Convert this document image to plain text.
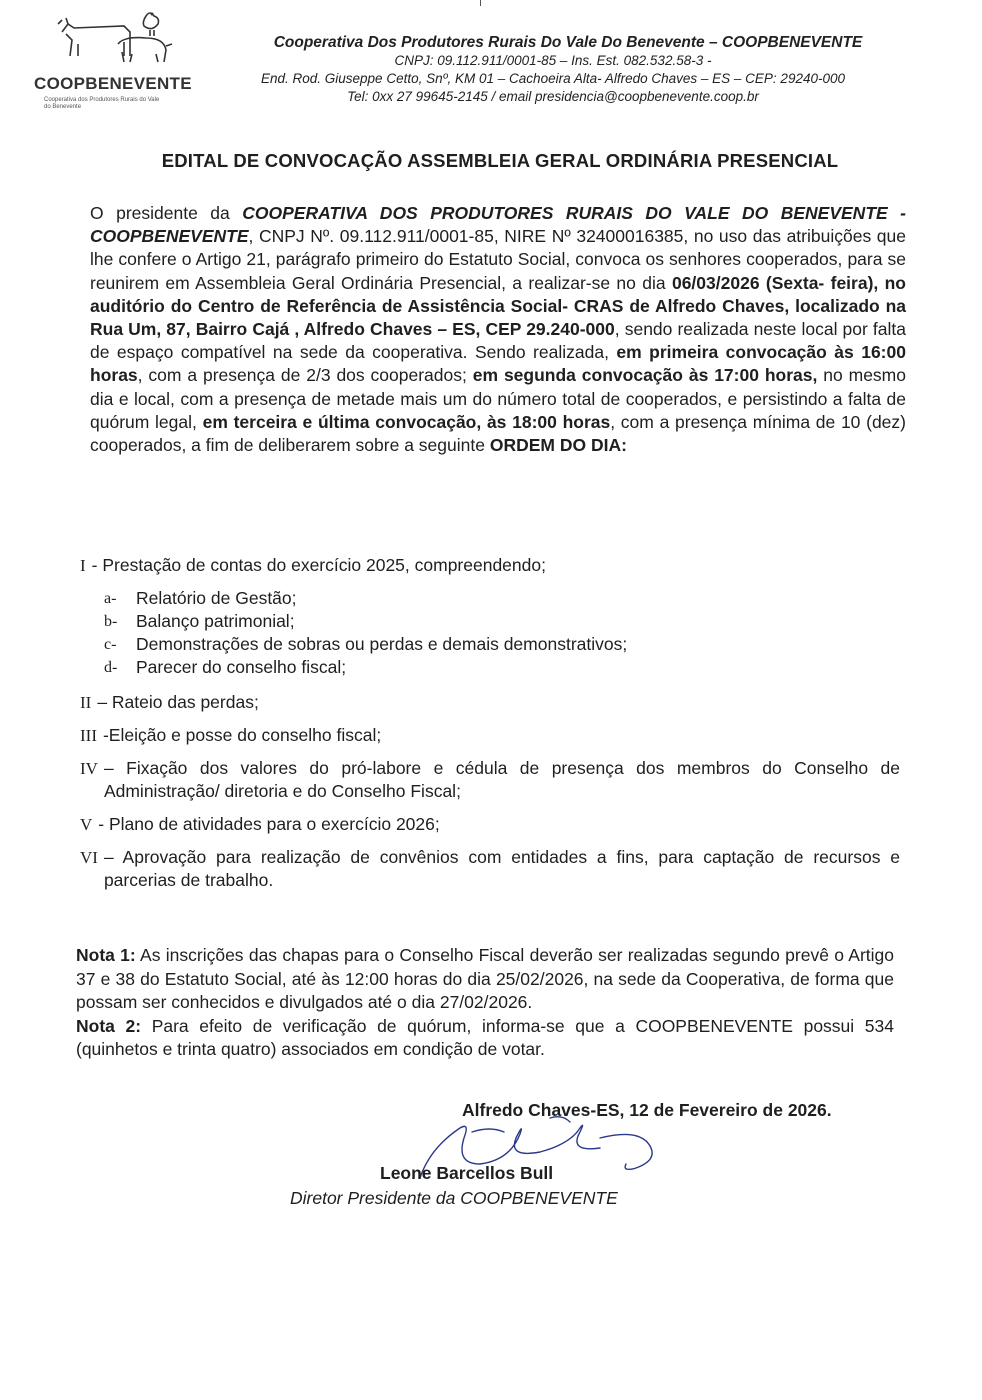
COOPBENEVENTE
Cooperativa dos Produtores Rurais do Vale do Benevente
Cooperativa Dos Produtores Rurais Do Vale Do Benevente – COOPBENEVENTE
CNPJ: 09.112.911/0001-85 – Ins. Est. 082.532.58-3 -
End. Rod. Giuseppe Cetto, Snº, KM 01 – Cachoeira Alta- Alfredo Chaves – ES – CEP: 29240-000
Tel: 0xx 27 99645-2145 / email presidencia@coopbenevente.coop.br
EDITAL DE CONVOCAÇÃO ASSEMBLEIA GERAL ORDINÁRIA PRESENCIAL
O presidente da COOPERATIVA DOS PRODUTORES RURAIS DO VALE DO BENEVENTE - COOPBENEVENTE, CNPJ Nº. 09.112.911/0001-85, NIRE Nº 32400016385, no uso das atribuições que lhe confere o Artigo 21, parágrafo primeiro do Estatuto Social, convoca os senhores cooperados, para se reunirem em Assembleia Geral Ordinária Presencial, a realizar-se no dia 06/03/2026 (Sexta- feira), no auditório do Centro de Referência de Assistência Social- CRAS de Alfredo Chaves, localizado na Rua Um, 87, Bairro Cajá , Alfredo Chaves – ES, CEP 29.240-000, sendo realizada neste local por falta de espaço compatível na sede da cooperativa. Sendo realizada, em primeira convocação às 16:00 horas, com a presença de 2/3 dos cooperados; em segunda convocação às 17:00 horas, no mesmo dia e local, com a presença de metade mais um do número total de cooperados, e persistindo a falta de quórum legal, em terceira e última convocação, às 18:00 horas, com a presença mínima de 10 (dez) cooperados, a fim de deliberarem sobre a seguinte ORDEM DO DIA:
I - Prestação de contas do exercício 2025, compreendendo;
a-	Relatório de Gestão;
b-	Balanço patrimonial;
c-	Demonstrações de sobras ou perdas e demais demonstrativos;
d-	Parecer do conselho fiscal;
II – Rateio das perdas;
III -Eleição e posse do conselho fiscal;
IV – Fixação dos valores do pró-labore e cédula de presença dos membros do Conselho de Administração/ diretoria e do Conselho Fiscal;
V - Plano de atividades para o exercício 2026;
VI – Aprovação para realização de convênios com entidades a fins, para captação de recursos e parcerias de trabalho.
Nota 1: As inscrições das chapas para o Conselho Fiscal deverão ser realizadas segundo prevê o Artigo 37 e 38 do Estatuto Social, até às 12:00 horas do dia 25/02/2026, na sede da Cooperativa, de forma que possam ser conhecidos e divulgados até o dia 27/02/2026.
Nota 2: Para efeito de verificação de quórum, informa-se que a COOPBENEVENTE possui 534 (quinhetos e trinta quatro) associados em condição de votar.
Alfredo Chaves-ES, 12 de Fevereiro de 2026.
Leone Barcellos Bull
Diretor Presidente da COOPBENEVENTE
